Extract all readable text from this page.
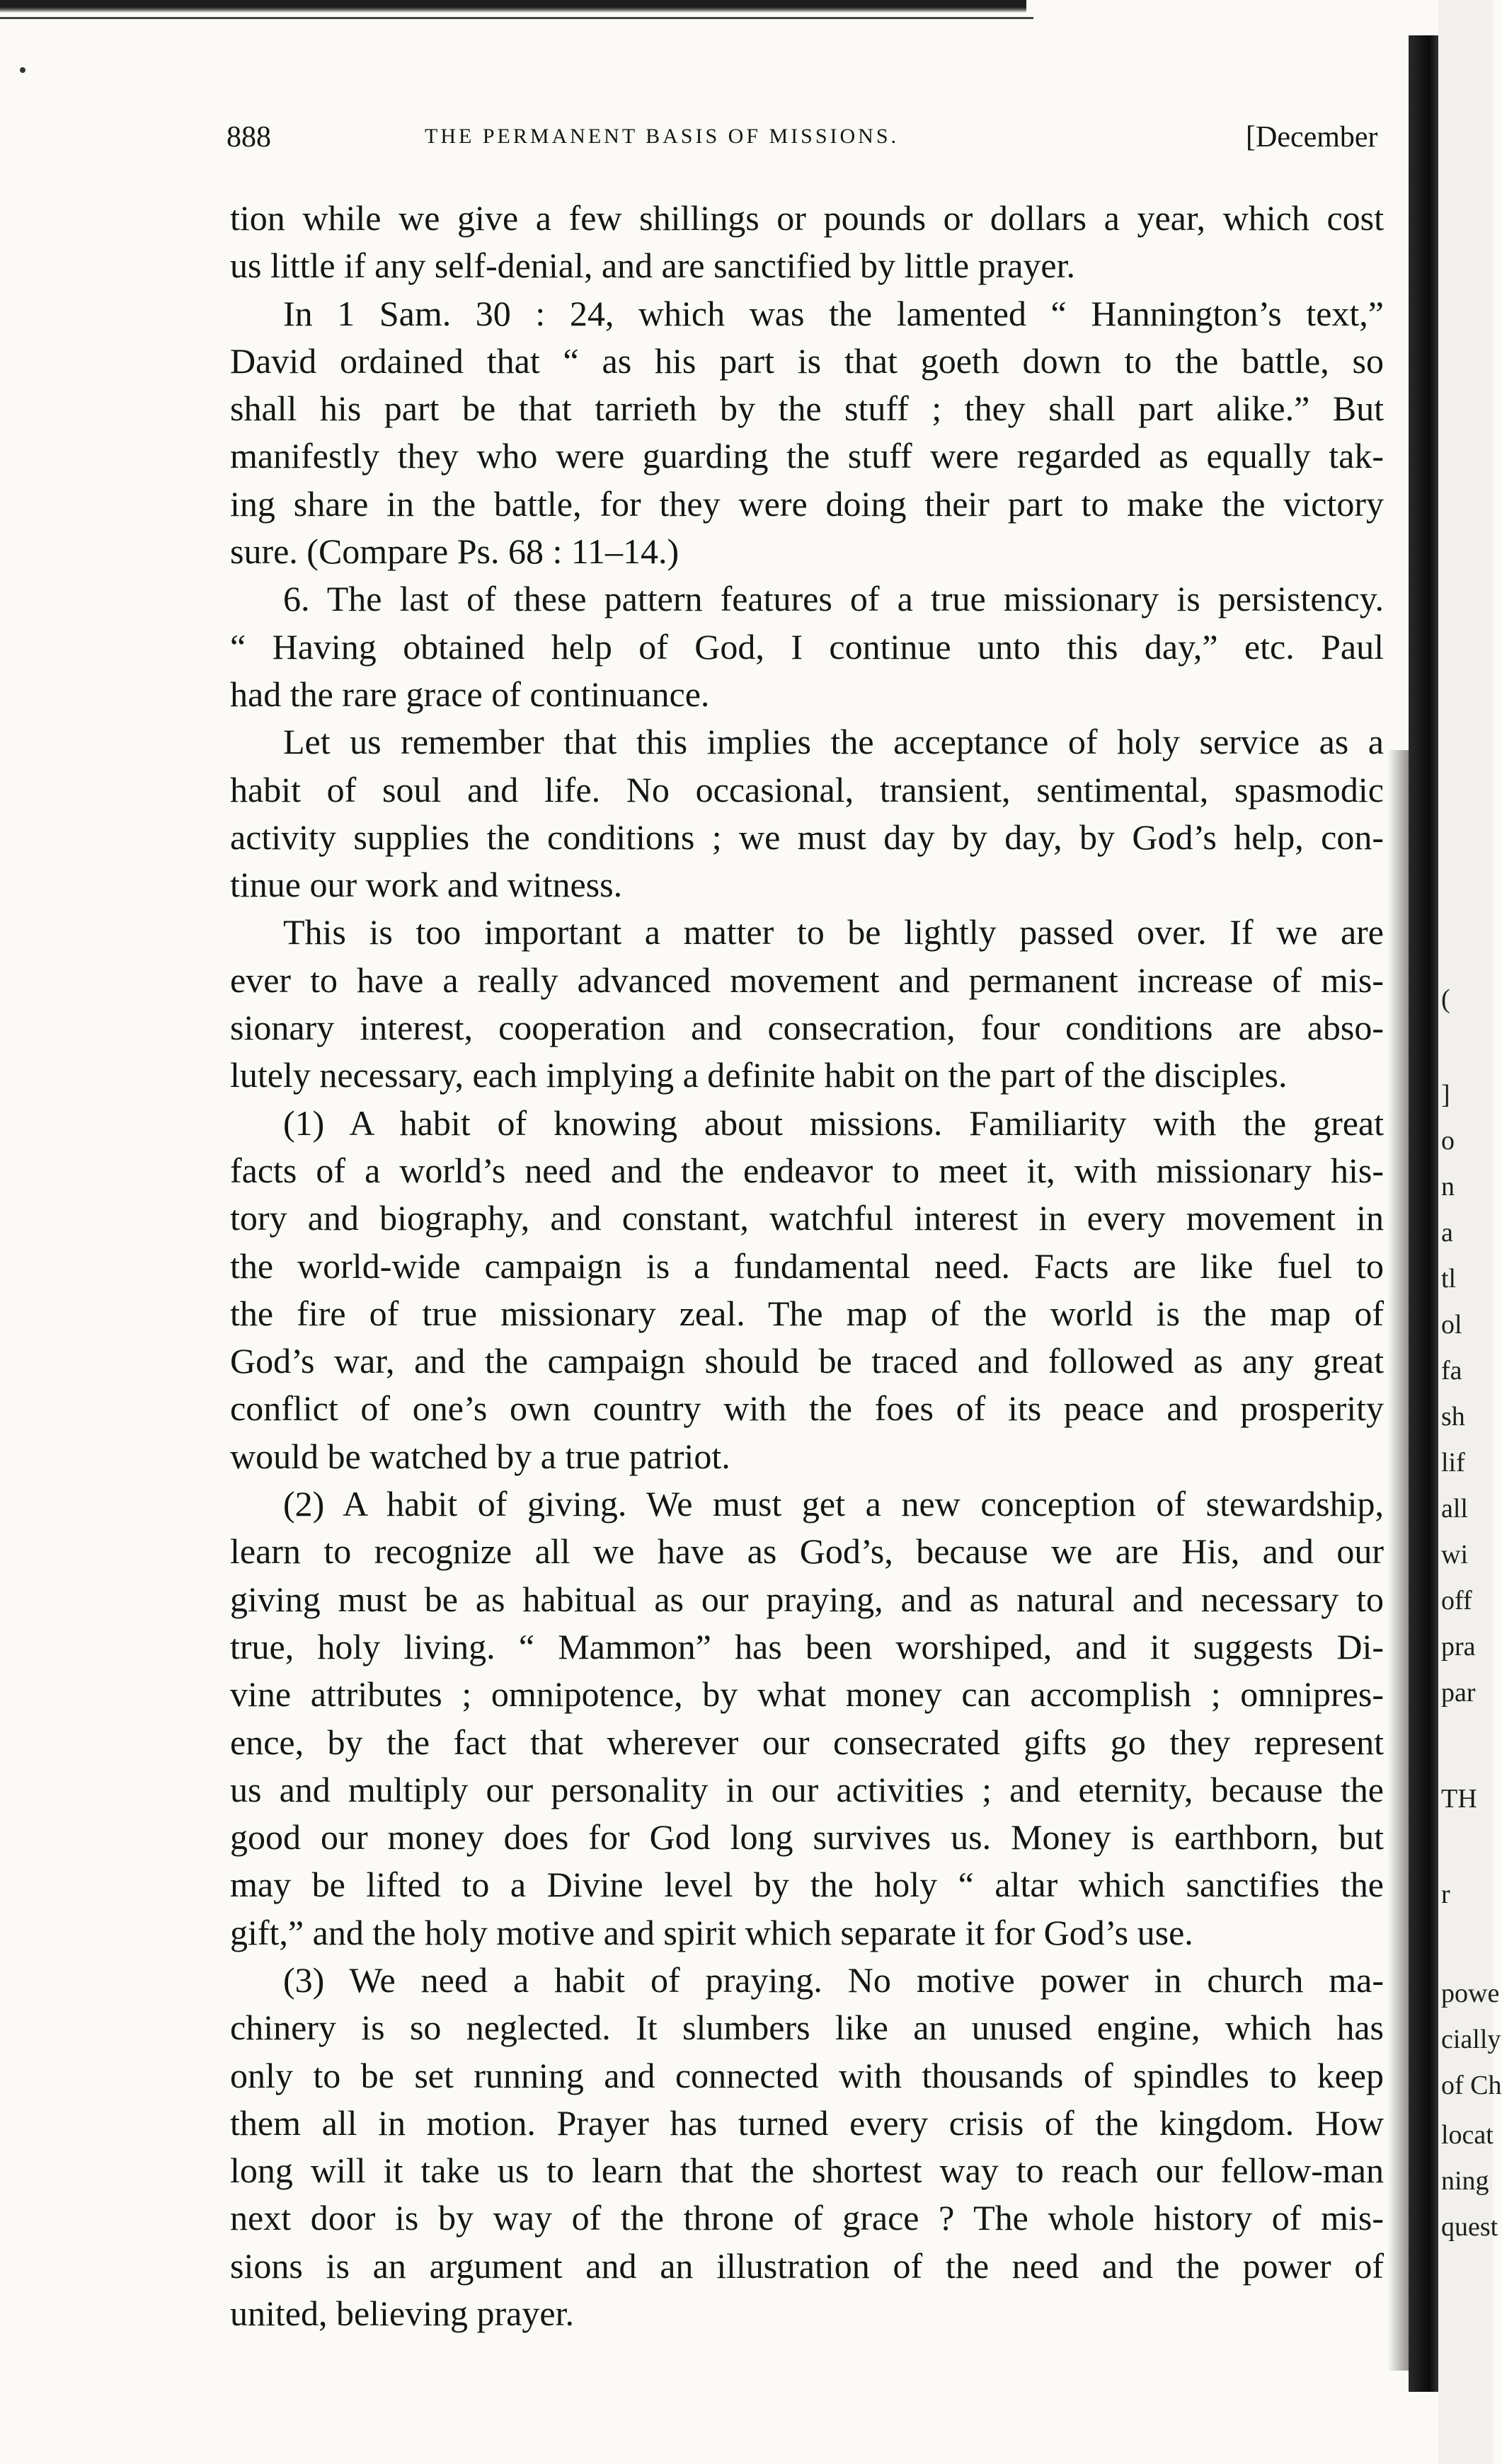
888	THE PERMANENT BASIS OF MISSIONS.	[December
tion while we give a few shillings or pounds or dollars a year, which cost
us little if any self-denial, and are sanctified by little prayer.
In 1 Sam. 30 : 24, which was the lamented “ Hannington’s text,”
David ordained that “ as his part is that goeth down to the battle, so
shall his part be that tarrieth by the stuff ; they shall part alike.” But
manifestly they who were guarding the stuff were regarded as equally tak-
ing share in the battle, for they were doing their part to make the victory
sure. (Compare Ps. 68 : 11–14.)
6. The last of these pattern features of a true missionary is persistency.
“ Having obtained help of God, I continue unto this day,” etc. Paul
had the rare grace of continuance.
Let us remember that this implies the acceptance of holy service as a
habit of soul and life. No occasional, transient, sentimental, spasmodic
activity supplies the conditions ; we must day by day, by God’s help, con-
tinue our work and witness.
This is too important a matter to be lightly passed over. If we are
ever to have a really advanced movement and permanent increase of mis-
sionary interest, cooperation and consecration, four conditions are abso-
lutely necessary, each implying a definite habit on the part of the disciples.
(1) A habit of knowing about missions. Familiarity with the great
facts of a world’s need and the endeavor to meet it, with missionary his-
tory and biography, and constant, watchful interest in every movement in
the world-wide campaign is a fundamental need. Facts are like fuel to
the fire of true missionary zeal. The map of the world is the map of
God’s war, and the campaign should be traced and followed as any great
conflict of one’s own country with the foes of its peace and prosperity
would be watched by a true patriot.
(2) A habit of giving. We must get a new conception of stewardship,
learn to recognize all we have as God’s, because we are His, and our
giving must be as habitual as our praying, and as natural and necessary to
true, holy living. “ Mammon” has been worshiped, and it suggests Di-
vine attributes ; omnipotence, by what money can accomplish ; omnipres-
ence, by the fact that wherever our consecrated gifts go they represent
us and multiply our personality in our activities ; and eternity, because the
good our money does for God long survives us. Money is earthborn, but
may be lifted to a Divine level by the holy “ altar which sanctifies the
gift,” and the holy motive and spirit which separate it for God’s use.
(3) We need a habit of praying. No motive power in church ma-
chinery is so neglected. It slumbers like an unused engine, which has
only to be set running and connected with thousands of spindles to keep
them all in motion. Prayer has turned every crisis of the kingdom. How
long will it take us to learn that the shortest way to reach our fellow-man
next door is by way of the throne of grace ? The whole history of mis-
sions is an argument and an illustration of the need and the power of
united, believing prayer.
(
]
o
n
a
tl
ol
fa
sh
lif
all
wi
off
pra
par
TH
r
powe
cially
of Ch
locat
ning
quest
